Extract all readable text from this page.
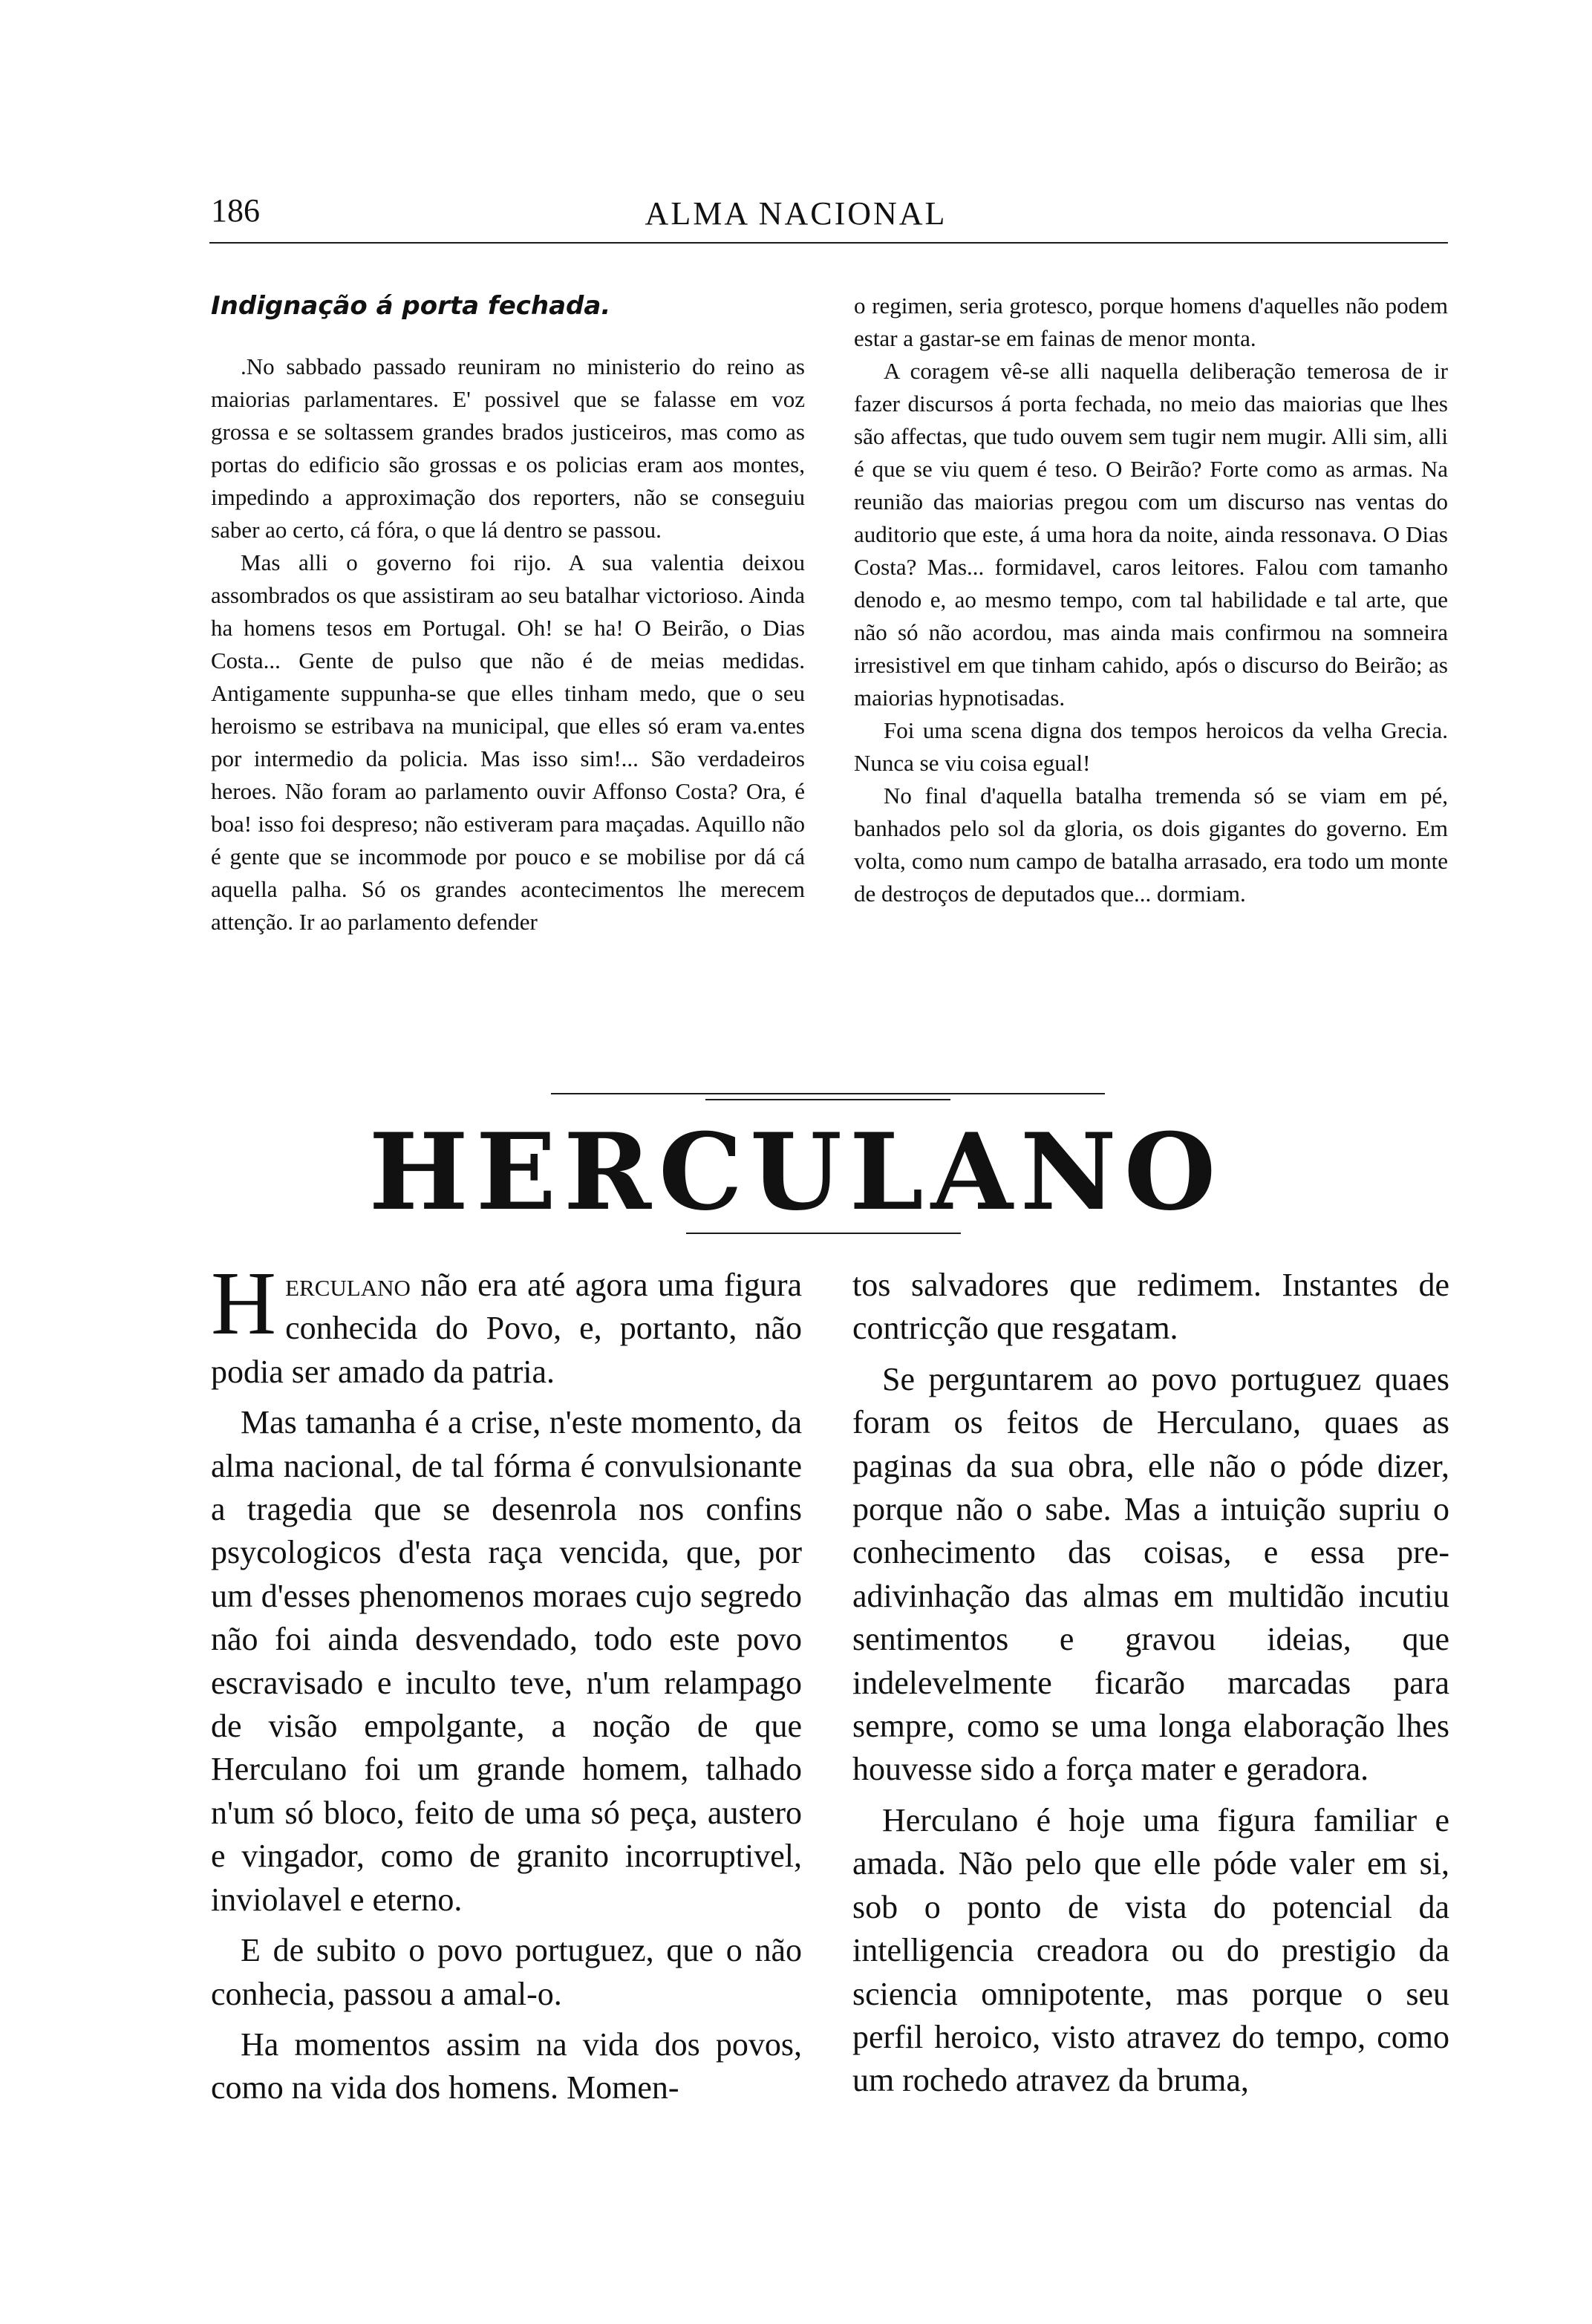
186	ALMA NACIONAL

Indignação á porta fechada.

.No sabbado passado reuniram no ministerio do reino as maiorias parlamentares. E' possivel que se falasse em voz grossa e se soltassem grandes brados justiceiros, mas como as portas do edificio são grossas e os policias eram aos montes, impedindo a approximação dos reporters, não se conseguiu saber ao certo, cá fóra, o que lá dentro se passou.

Mas alli o governo foi rijo. A sua valentia deixou assombrados os que assistiram ao seu batalhar victorioso. Ainda ha homens tesos em Portugal. Oh! se ha! O Beirão, o Dias Costa... Gente de pulso que não é de meias medidas. Antigamente suppunha-se que elles tinham medo, que o seu heroismo se estribava na municipal, que elles só eram va.entes por intermedio da policia. Mas isso sim!... São verdadeiros heroes. Não foram ao parlamento ouvir Affonso Costa? Ora, é boa! isso foi despreso; não estiveram para maçadas. Aquillo não é gente que se incommode por pouco e se mobilise por dá cá aquella palha. Só os grandes acontecimentos lhe merecem attenção. Ir ao parlamento defender

o regimen, seria grotesco, porque homens d'aquelles não podem estar a gastar-se em fainas de menor monta.

A coragem vê-se alli naquella deliberação temerosa de ir fazer discursos á porta fechada, no meio das maiorias que lhes são affectas, que tudo ouvem sem tugir nem mugir. Alli sim, alli é que se viu quem é teso. O Beirão? Forte como as armas. Na reunião das maiorias pregou com um discurso nas ventas do auditorio que este, á uma hora da noite, ainda ressonava. O Dias Costa? Mas... formidavel, caros leitores. Falou com tamanho denodo e, ao mesmo tempo, com tal habilidade e tal arte, que não só não acordou, mas ainda mais confirmou na somneira irresistivel em que tinham cahido, após o discurso do Beirão; as maiorias hypnotisadas.

Foi uma scena digna dos tempos heroicos da velha Grecia. Nunca se viu coisa egual!

No final d'aquella batalha tremenda só se viam em pé, banhados pelo sol da gloria, os dois gigantes do governo. Em volta, como num campo de batalha arrasado, era todo um monte de destroços de deputados que... dormiam.

HERCULANO

Herculano não era até agora uma figura conhecida do Povo, e, portanto, não podia ser amado da patria.

Mas tamanha é a crise, n'este momento, da alma nacional, de tal fórma é convulsionante a tragedia que se desenrola nos confins psycologicos d'esta raça vencida, que, por um d'esses phenomenos moraes cujo segredo não foi ainda desvendado, todo este povo escravisado e inculto teve, n'um relampago de visão empolgante, a noção de que Herculano foi um grande homem, talhado n'um só bloco, feito de uma só peça, austero e vingador, como de granito incorruptivel, inviolavel e eterno.

E de subito o povo portuguez, que o não conhecia, passou a amal-o.

Ha momentos assim na vida dos povos, como na vida dos homens. Momen-

tos salvadores que redimem. Instantes de contricção que resgatam.

Se perguntarem ao povo portuguez quaes foram os feitos de Herculano, quaes as paginas da sua obra, elle não o póde dizer, porque não o sabe. Mas a intuição supriu o conhecimento das coisas, e essa pre-adivinhação das almas em multidão incutiu sentimentos e gravou ideias, que indelevelmente ficarão marcadas para sempre, como se uma longa elaboração lhes houvesse sido a força mater e geradora.

Herculano é hoje uma figura familiar e amada. Não pelo que elle póde valer em si, sob o ponto de vista do potencial da intelligencia creadora ou do prestigio da sciencia omnipotente, mas porque o seu perfil heroico, visto atravez do tempo, como um rochedo atravez da bruma,
